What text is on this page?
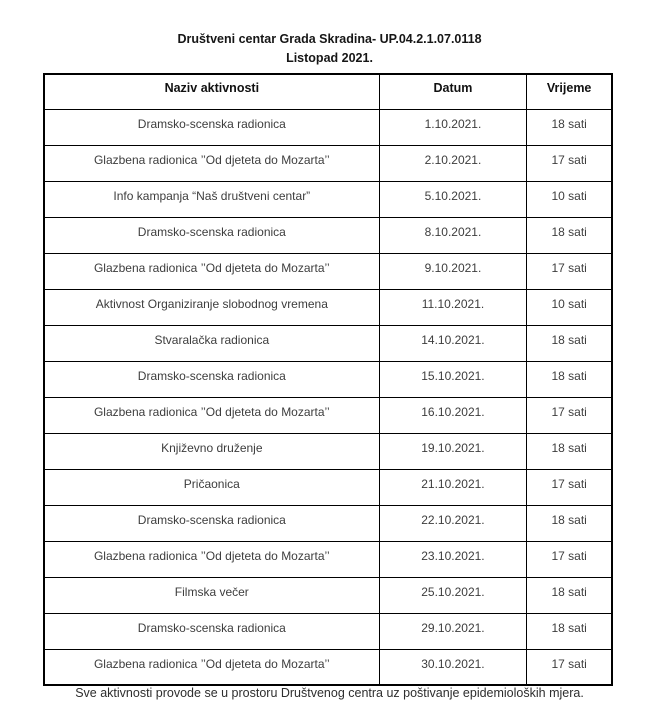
Društveni centar Grada Skradina- UP.04.2.1.07.0118
Listopad 2021.
Naziv aktivnosti	Datum	Vrijeme
Dramsko-scenska radionica	1.10.2021.	18 sati
Glazbena radionica ’’Od djeteta do Mozarta’’	2.10.2021.	17 sati
Info kampanja “Naš društveni centar”	5.10.2021.	10 sati
Dramsko-scenska radionica	8.10.2021.	18 sati
Glazbena radionica ’’Od djeteta do Mozarta’’	9.10.2021.	17 sati
Aktivnost Organiziranje slobodnog vremena	11.10.2021.	10 sati
Stvaralačka radionica	14.10.2021.	18 sati
Dramsko-scenska radionica	15.10.2021.	18 sati
Glazbena radionica ’’Od djeteta do Mozarta’’	16.10.2021.	17 sati
Književno druženje	19.10.2021.	18 sati
Pričaonica	21.10.2021.	17 sati
Dramsko-scenska radionica	22.10.2021.	18 sati
Glazbena radionica ’’Od djeteta do Mozarta’’	23.10.2021.	17 sati
Filmska večer	25.10.2021.	18 sati
Dramsko-scenska radionica	29.10.2021.	18 sati
Glazbena radionica ’’Od djeteta do Mozarta’’	30.10.2021.	17 sati
Sve aktivnosti provode se u prostoru Društvenog centra uz poštivanje epidemioloških mjera.
